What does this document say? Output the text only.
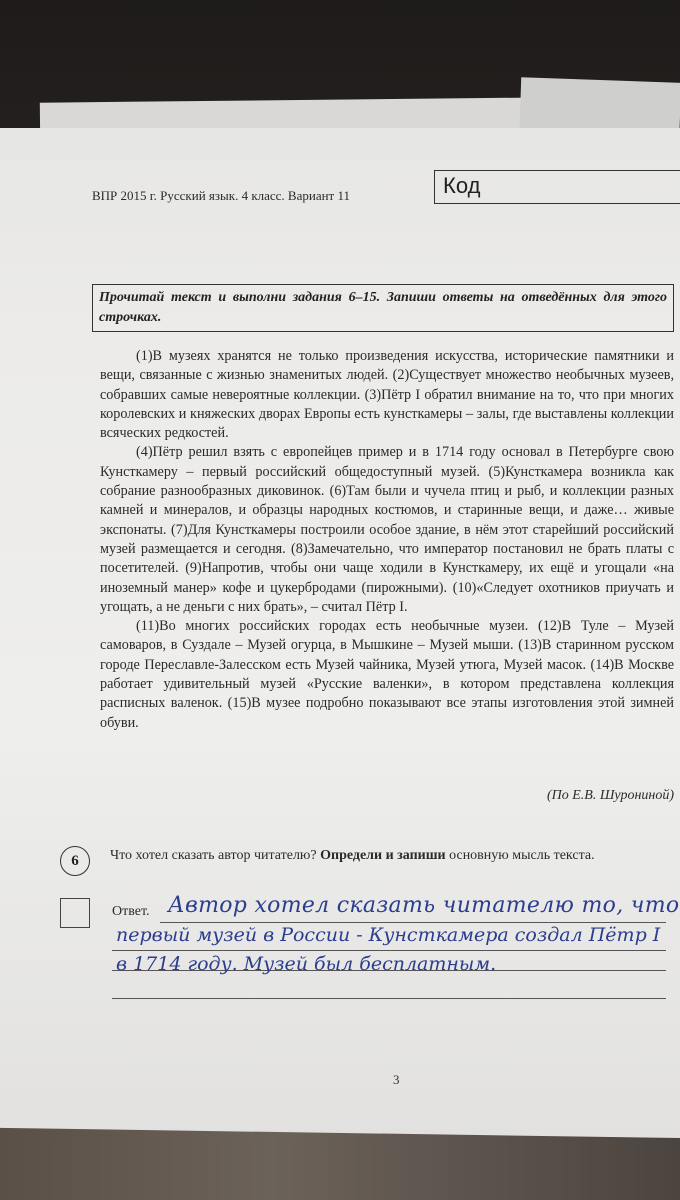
ВПР 2015 г. Русский язык. 4 класс. Вариант 11	Код
Прочитай текст и выполни задания 6–15. Запиши ответы на отведённых для этого строчках.

(1)В музеях хранятся не только произведения искусства, исторические памятники и вещи, связанные с жизнью знаменитых людей. (2)Существует множество необычных музеев, собравших самые невероятные коллекции. (3)Пётр I обратил внимание на то, что при многих королевских и княжеских дворах Европы есть кунсткамеры – залы, где выставлены коллекции всяческих редкостей.

(4)Пётр решил взять с европейцев пример и в 1714 году основал в Петербурге свою Кунсткамеру – первый российский общедоступный музей. (5)Кунсткамера возникла как собрание разнообразных диковинок. (6)Там были и чучела птиц и рыб, и коллекции разных камней и минералов, и образцы народных костюмов, и старинные вещи, и даже… живые экспонаты. (7)Для Кунсткамеры построили особое здание, в нём этот старейший российский музей размещается и сегодня. (8)Замечательно, что император постановил не брать платы с посетителей. (9)Напротив, чтобы они чаще ходили в Кунсткамеру, их ещё и угощали «на иноземный манер» кофе и цукербродами (пирожными). (10)«Следует охотников приучать и угощать, а не деньги с них брать», – считал Пётр I.

(11)Во многих российских городах есть необычные музеи. (12)В Туле – Музей самоваров, в Суздале – Музей огурца, в Мышкине – Музей мыши. (13)В старинном русском городе Переславле-Залесском есть Музей чайника, Музей утюга, Музей масок. (14)В Москве работает удивительный музей «Русские валенки», в котором представлена коллекция расписных валенок. (15)В музее подробно показывают все этапы изготовления этой зимней обуви.

(По Е.В. Шурониной)
6	Что хотел сказать автор читателю? Определи и запиши основную мысль текста.
Ответ. Автор хотел сказать читателю то, что
первый музей в России - Кунсткамера создал Пётр I
в 1714 году. Музей был бесплатным.
3
